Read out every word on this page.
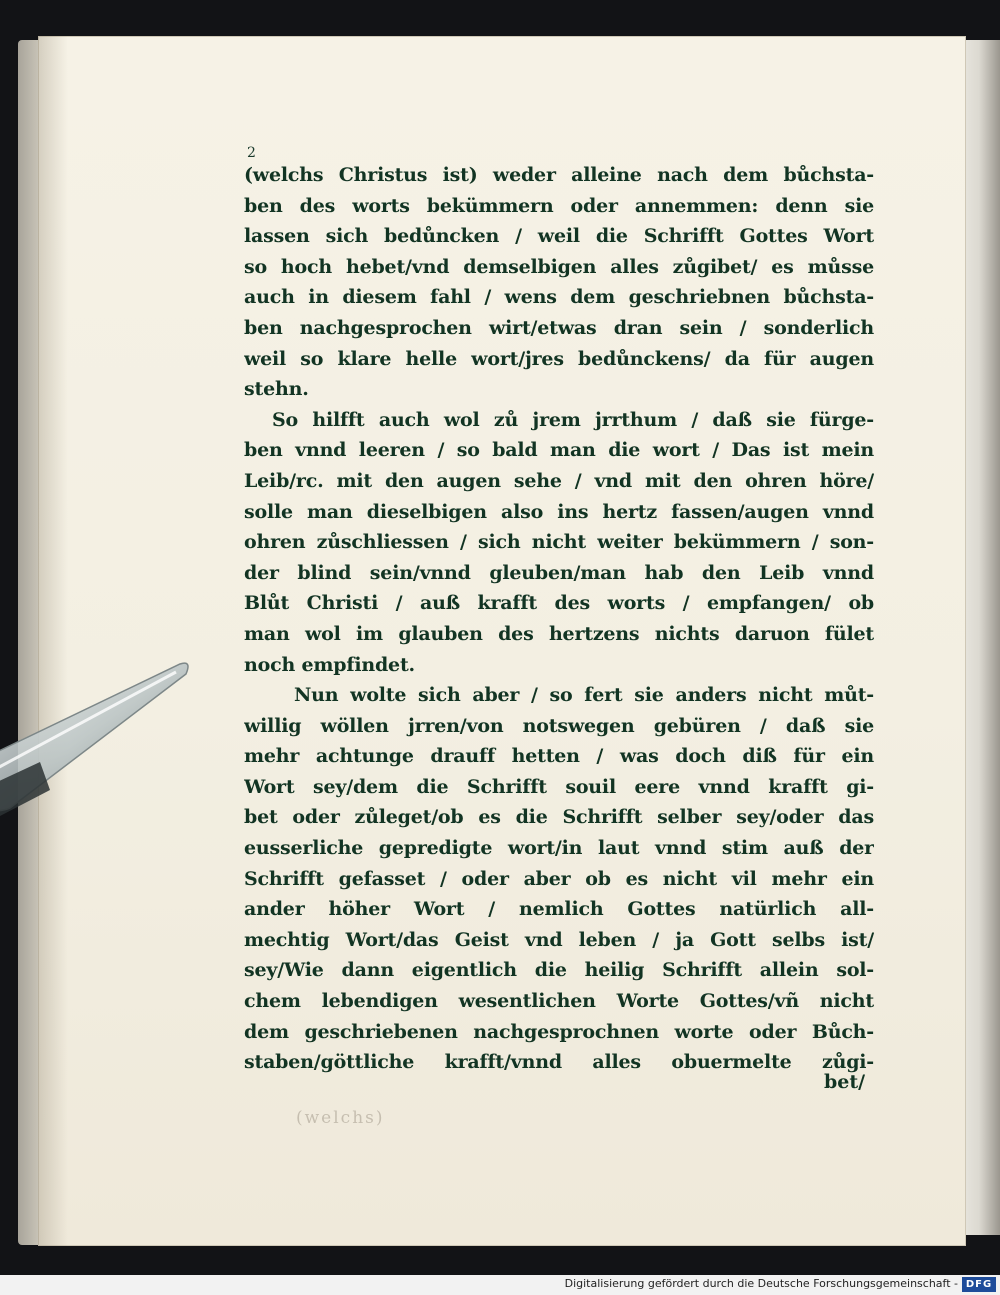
(welchs)
2
(welchs Christus ist) weder alleine nach dem bůchsta-
ben des worts bekümmern oder annemmen: denn sie
lassen sich bedůncken / weil die Schrifft Gottes Wort
so hoch hebet/vnd demselbigen alles zůgibet/ es můsse
auch in diesem fahl / wens dem geschriebnen bůchsta-
ben nachgesprochen wirt/etwas dran sein / sonderlich
weil so klare helle wort/jres bedůnckens/ da für augen
stehn.
So hilfft auch wol zů jrem jrrthum / daß sie fürge-
ben vnnd leeren / so bald man die wort / Das ist mein
Leib/rc. mit den augen sehe / vnd mit den ohren höre/
solle man dieselbigen also ins hertz fassen/augen vnnd
ohren zůschliessen / sich nicht weiter bekümmern / son-
der blind sein/vnnd gleuben/man hab den Leib vnnd
Blůt Christi / auß krafft des worts / empfangen/ ob
man wol im glauben des hertzens nichts daruon fület
noch empfindet.
Nun wolte sich aber / so fert sie anders nicht můt-
willig wöllen jrren/von notswegen gebüren / daß sie
mehr achtunge drauff hetten / was doch diß für ein
Wort sey/dem die Schrifft souil eere vnnd krafft gi-
bet oder zůleget/ob es die Schrifft selber sey/oder das
eusserliche gepredigte wort/in laut vnnd stim auß der
Schrifft gefasset / oder aber ob es nicht vil mehr ein
ander höher Wort / nemlich Gottes natürlich all-
mechtig Wort/das Geist vnd leben / ja Gott selbs ist/
sey/Wie dann eigentlich die heilig Schrifft allein sol-
chem lebendigen wesentlichen Worte Gottes/vñ nicht
dem geschriebenen nachgesprochnen worte oder Bůch-
staben/göttliche krafft/vnnd alles obuermelte zůgi-
bet/
Digitalisierung gefördert durch die Deutsche Forschungsgemeinschaft - DFG
